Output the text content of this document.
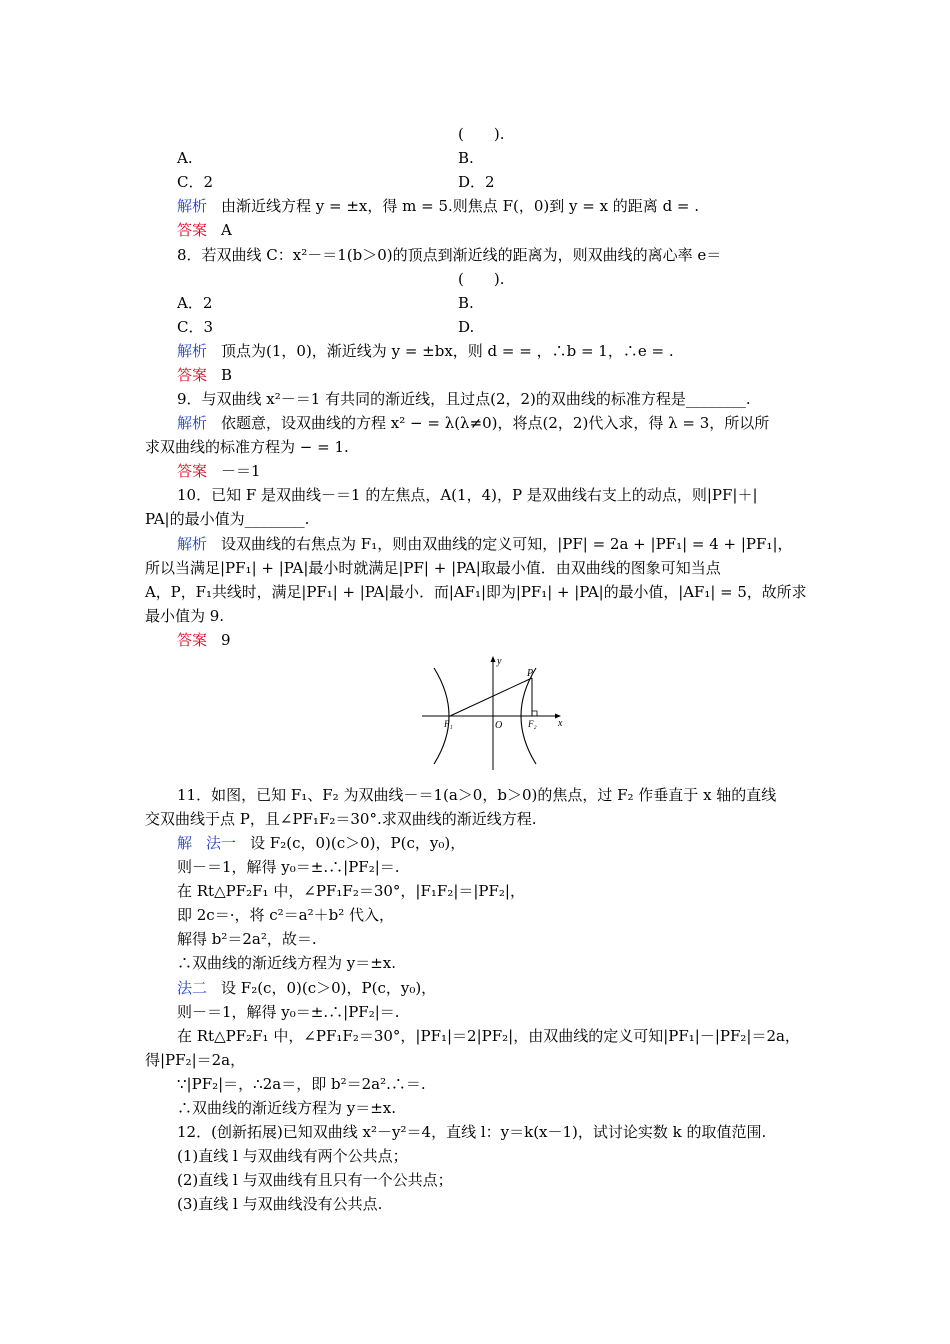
(　　).
A.	B.
C．2	D．2
解析 由渐近线方程 y = ±x，得 m = 5.则焦点 F(，0)到 y = x 的距离 d = .
答案 A
8．若双曲线 C：x²－＝1(b＞0)的顶点到渐近线的距离为，则双曲线的离心率 e＝
(　　).
A．2	B.
C．3	D.
解析 顶点为(1，0)，渐近线为 y = ±bx，则 d = = ，∴b = 1，∴e = .
答案 B
9．与双曲线 x²－＝1 有共同的渐近线，且过点(2，2)的双曲线的标准方程是________.
解析 依题意，设双曲线的方程 x² − = λ(λ≠0)，将点(2，2)代入求，得 λ = 3，所以所
求双曲线的标准方程为 − = 1.
答案 －＝1
10．已知 F 是双曲线－＝1 的左焦点，A(1，4)，P 是双曲线右支上的动点，则|PF|＋|
PA|的最小值为________.
解析 设双曲线的右焦点为 F₁，则由双曲线的定义可知，|PF| = 2a + |PF₁| = 4 + |PF₁|，
所以当满足|PF₁| + |PA|最小时就满足|PF| + |PA|取最小值．由双曲线的图象可知当点
A，P，F₁共线时，满足|PF₁| + |PA|最小．而|AF₁|即为|PF₁| + |PA|的最小值，|AF₁| = 5，故所求
最小值为 9.
答案 9
y
x
P
F₁	O	F₂
11．如图，已知 F₁、F₂ 为双曲线－＝1(a＞0，b＞0)的焦点，过 F₂ 作垂直于 x 轴的直线
交双曲线于点 P，且∠PF₁F₂＝30°.求双曲线的渐近线方程.
解 法一 设 F₂(c，0)(c＞0)，P(c，y₀)，
则－＝1，解得 y₀＝±.∴|PF₂|＝.
在 Rt△PF₂F₁ 中，∠PF₁F₂＝30°，|F₁F₂|＝|PF₂|，
即 2c＝·，将 c²＝a²＋b² 代入，
解得 b²＝2a²，故＝.
∴双曲线的渐近线方程为 y＝±x.
法二 设 F₂(c，0)(c＞0)，P(c，y₀)，
则－＝1，解得 y₀＝±.∴|PF₂|＝.
在 Rt△PF₂F₁ 中，∠PF₁F₂＝30°，|PF₁|＝2|PF₂|，由双曲线的定义可知|PF₁|－|PF₂|＝2a，
得|PF₂|＝2a，
∵|PF₂|＝，∴2a＝，即 b²＝2a².∴＝.
∴双曲线的渐近线方程为 y＝±x.
12．(创新拓展)已知双曲线 x²－y²＝4，直线 l：y＝k(x－1)，试讨论实数 k 的取值范围.
(1)直线 l 与双曲线有两个公共点；
(2)直线 l 与双曲线有且只有一个公共点；
(3)直线 l 与双曲线没有公共点.
